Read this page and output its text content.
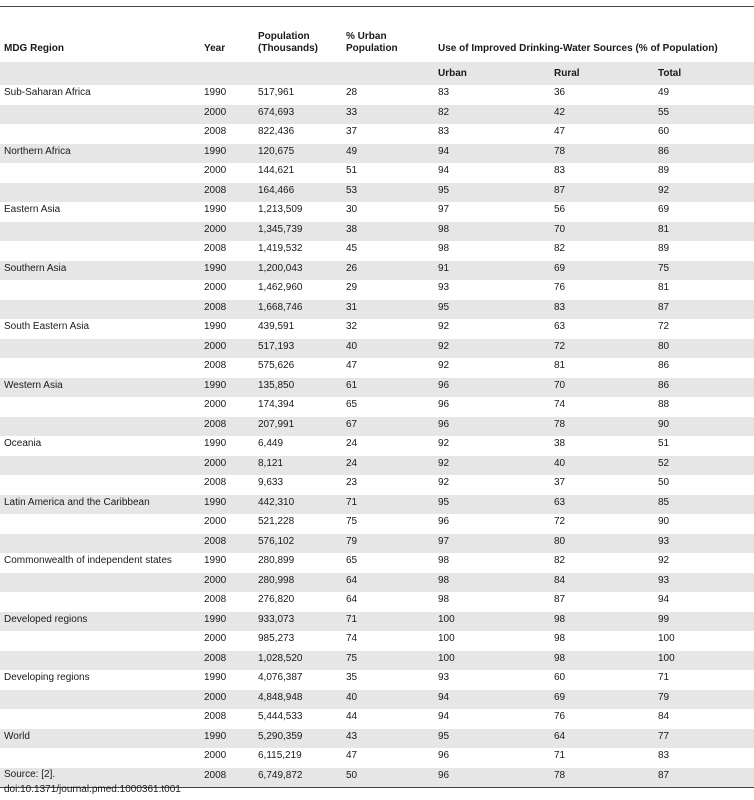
MDG Region	Year	Population (Thousands)	% Urban Population	Use of Improved Drinking-Water Sources (% of Population)		
				Urban	Rural	Total
Sub-Saharan Africa	1990	517,961	28	83	36	49
	2000	674,693	33	82	42	55
	2008	822,436	37	83	47	60
Northern Africa	1990	120,675	49	94	78	86
	2000	144,621	51	94	83	89
	2008	164,466	53	95	87	92
Eastern Asia	1990	1,213,509	30	97	56	69
	2000	1,345,739	38	98	70	81
	2008	1,419,532	45	98	82	89
Southern Asia	1990	1,200,043	26	91	69	75
	2000	1,462,960	29	93	76	81
	2008	1,668,746	31	95	83	87
South Eastern Asia	1990	439,591	32	92	63	72
	2000	517,193	40	92	72	80
	2008	575,626	47	92	81	86
Western Asia	1990	135,850	61	96	70	86
	2000	174,394	65	96	74	88
	2008	207,991	67	96	78	90
Oceania	1990	6,449	24	92	38	51
	2000	8,121	24	92	40	52
	2008	9,633	23	92	37	50
Latin America and the Caribbean	1990	442,310	71	95	63	85
	2000	521,228	75	96	72	90
	2008	576,102	79	97	80	93
Commonwealth of independent states	1990	280,899	65	98	82	92
	2000	280,998	64	98	84	93
	2008	276,820	64	98	87	94
Developed regions	1990	933,073	71	100	98	99
	2000	985,273	74	100	98	100
	2008	1,028,520	75	100	98	100
Developing regions	1990	4,076,387	35	93	60	71
	2000	4,848,948	40	94	69	79
	2008	5,444,533	44	94	76	84
World	1990	5,290,359	43	95	64	77
	2000	6,115,219	47	96	71	83
	2008	6,749,872	50	96	78	87
Source: [2].
doi:10.1371/journal.pmed.1000361.t001
